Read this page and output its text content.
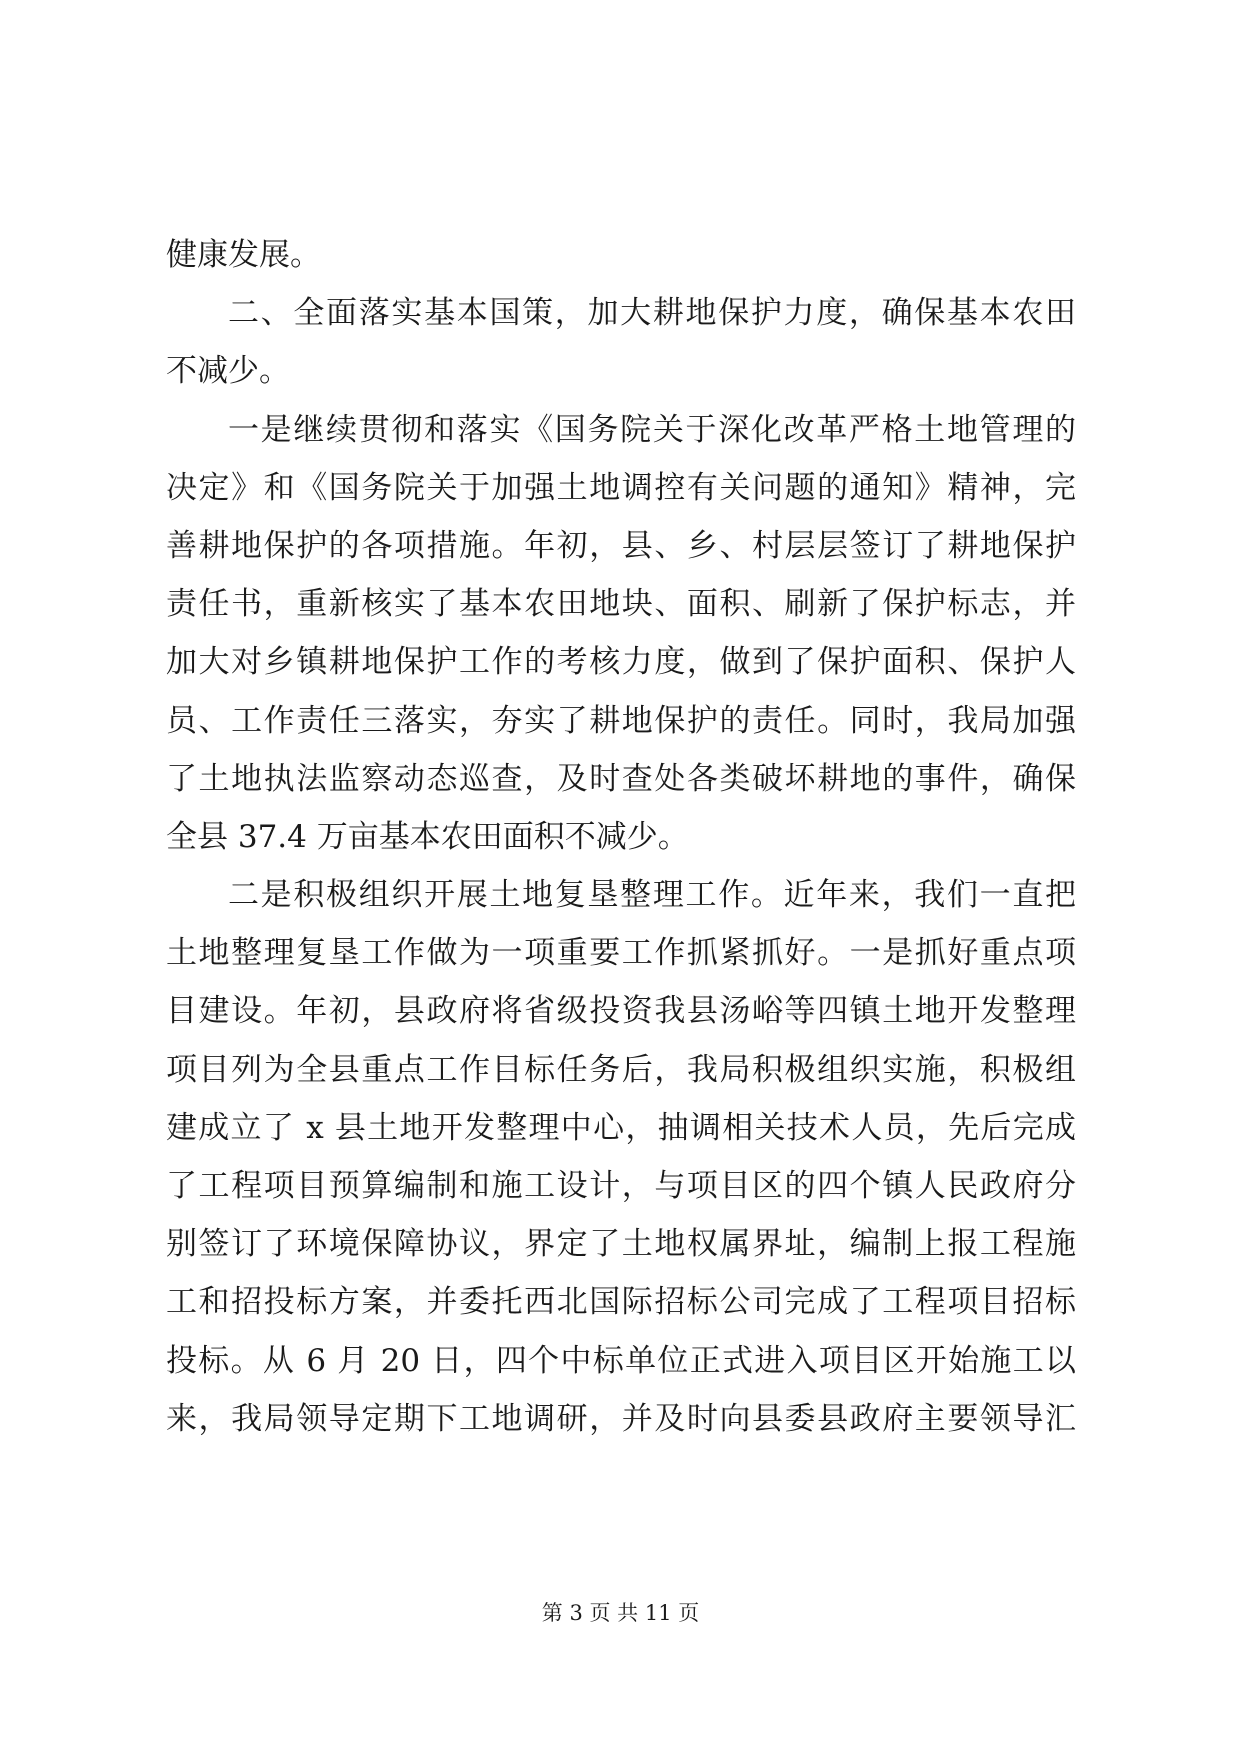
健康发展。
二、全面落实基本国策，加大耕地保护力度，确保基本农田
不减少。
一是继续贯彻和落实《国务院关于深化改革严格土地管理的
决定》和《国务院关于加强土地调控有关问题的通知》精神，完
善耕地保护的各项措施。年初，县、乡、村层层签订了耕地保护
责任书，重新核实了基本农田地块、面积、刷新了保护标志，并
加大对乡镇耕地保护工作的考核力度，做到了保护面积、保护人
员、工作责任三落实，夯实了耕地保护的责任。同时，我局加强
了土地执法监察动态巡查，及时查处各类破坏耕地的事件，确保
全县 37.4 万亩基本农田面积不减少。
二是积极组织开展土地复垦整理工作。近年来，我们一直把
土地整理复垦工作做为一项重要工作抓紧抓好。一是抓好重点项
目建设。年初，县政府将省级投资我县汤峪等四镇土地开发整理
项目列为全县重点工作目标任务后，我局积极组织实施，积极组
建成立了 x 县土地开发整理中心，抽调相关技术人员，先后完成
了工程项目预算编制和施工设计，与项目区的四个镇人民政府分
别签订了环境保障协议，界定了土地权属界址，编制上报工程施
工和招投标方案，并委托西北国际招标公司完成了工程项目招标
投标。从 6 月 20 日，四个中标单位正式进入项目区开始施工以
来，我局领导定期下工地调研，并及时向县委县政府主要领导汇
第 3 页 共 11 页
